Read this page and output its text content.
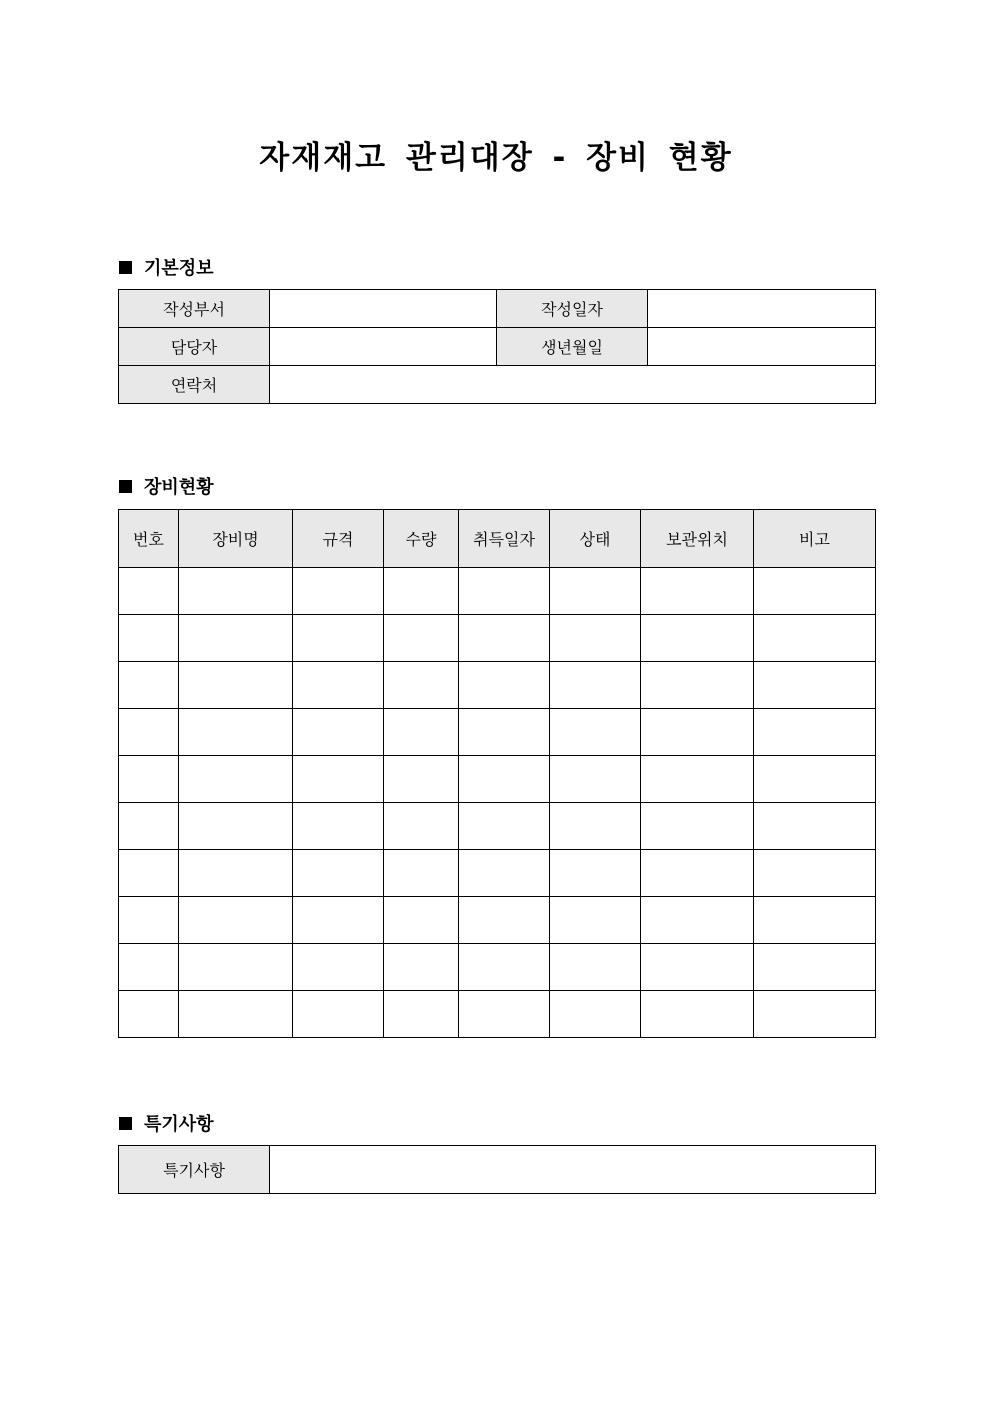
자재재고 관리대장 - 장비 현황
기본정보
작성부서		작성일자	
담당자		생년월일	
연락처			
장비현황
번호	장비명	규격	수량	취득일자	상태	보관위치	비고

특기사항
특기사항	
